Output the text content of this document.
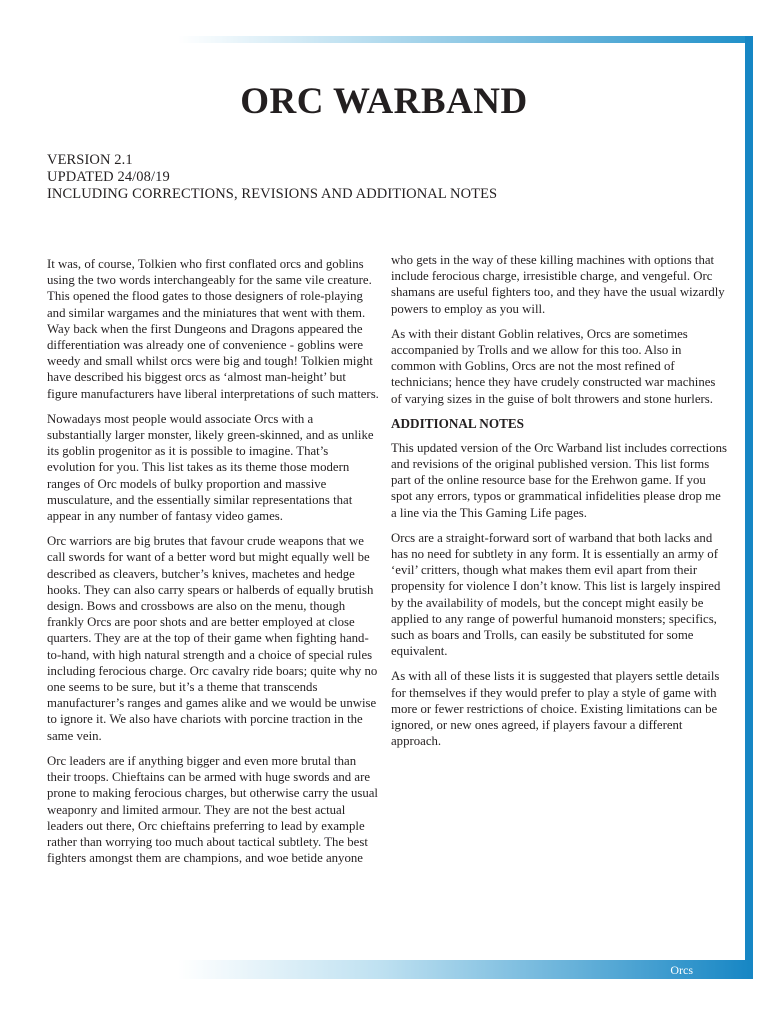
Orcs
ORC WARBAND
VERSION 2.1
UPDATED 24/08/19
INCLUDING CORRECTIONS, REVISIONS AND ADDITIONAL NOTES

It was, of course, Tolkien who first conflated orcs and goblins using the two words interchangeably for the same vile creature. This opened the flood gates to those designers of role-playing and similar wargames and the miniatures that went with them. Way back when the first Dungeons and Dragons appeared the differentiation was already one of convenience - goblins were weedy and small whilst orcs were big and tough! Tolkien might have described his biggest orcs as ‘almost man-height’ but figure manufacturers have liberal interpretations of such matters.

Nowadays most people would associate Orcs with a substantially larger monster, likely green-skinned, and as unlike its goblin progenitor as it is possible to imagine. That’s evolution for you. This list takes as its theme those modern ranges of Orc models of bulky proportion and massive musculature, and the essentially similar representations that appear in any number of fantasy video games.

Orc warriors are big brutes that favour crude weapons that we call swords for want of a better word but might equally well be described as cleavers, butcher’s knives, machetes and hedge hooks. They can also carry spears or halberds of equally brutish design. Bows and crossbows are also on the menu, though frankly Orcs are poor shots and are better employed at close quarters. They are at the top of their game when fighting hand-to-hand, with high natural strength and a choice of special rules including ferocious charge. Orc cavalry ride boars; quite why no one seems to be sure, but it’s a theme that transcends manufacturer’s ranges and games alike and we would be unwise to ignore it. We also have chariots with porcine traction in the same vein.

Orc leaders are if anything bigger and even more brutal than their troops. Chieftains can be armed with huge swords and are prone to making ferocious charges, but otherwise carry the usual weaponry and limited armour. They are not the best actual leaders out there, Orc chieftains preferring to lead by example rather than worrying too much about tactical subtlety. The best fighters amongst them are champions, and woe betide anyone

who gets in the way of these killing machines with options that include ferocious charge, irresistible charge, and vengeful. Orc shamans are useful fighters too, and they have the usual wizardly powers to employ as you will.

As with their distant Goblin relatives, Orcs are sometimes accompanied by Trolls and we allow for this too. Also in common with Goblins, Orcs are not the most refined of technicians; hence they have crudely constructed war machines of varying sizes in the guise of bolt throwers and stone hurlers.

ADDITIONAL NOTES

This updated version of the Orc Warband list includes corrections and revisions of the original published version. This list forms part of the online resource base for the Erehwon game. If you spot any errors, typos or grammatical infidelities please drop me a line via the This Gaming Life pages.

Orcs are a straight-forward sort of warband that both lacks and has no need for subtlety in any form. It is essentially an army of ‘evil’ critters, though what makes them evil apart from their propensity for violence I don’t know. This list is largely inspired by the availability of models, but the concept might easily be applied to any range of powerful humanoid monsters; specifics, such as boars and Trolls, can easily be substituted for some equivalent.

As with all of these lists it is suggested that players settle details for themselves if they would prefer to play a style of game with more or fewer restrictions of choice. Existing limitations can be ignored, or new ones agreed, if players favour a different approach.
